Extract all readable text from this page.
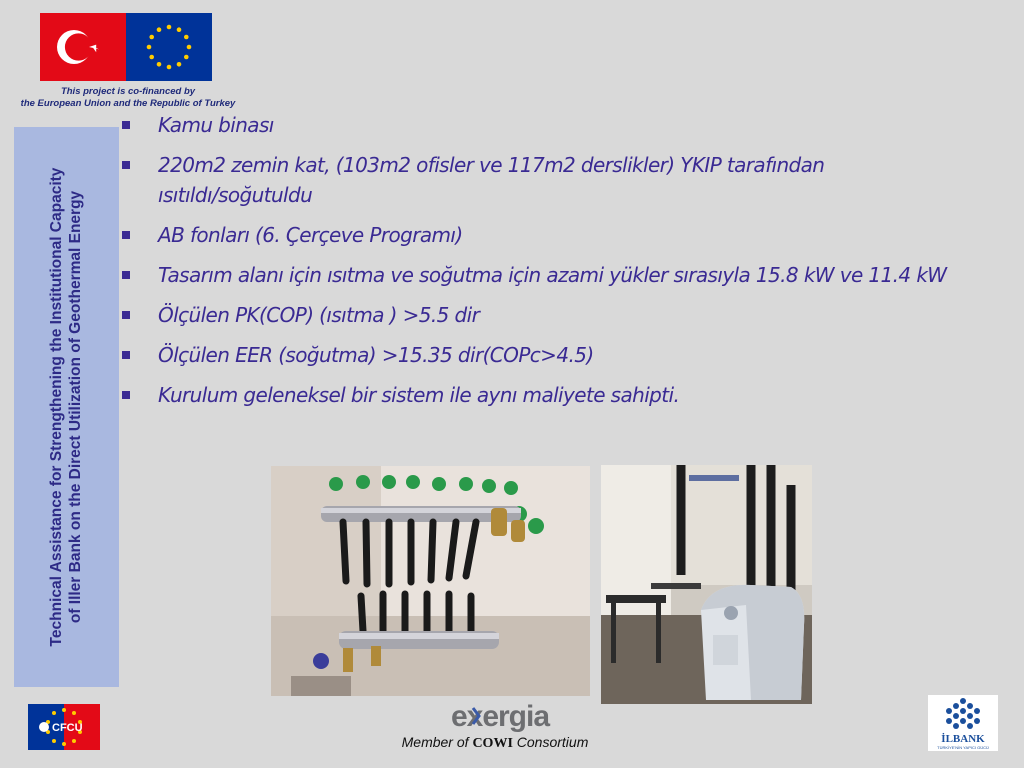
This project is co-financed by
the European Union and the Republic of Turkey
Technical Assistance for Strengthening the Institutional Capacity of Iller Bank on the Direct Utilization of Geothermal Energy
Kamu binası
220m2 zemin kat, (103m2 ofisler ve 117m2 derslikler) YKIP tarafından ısıtıldı/soğutuldu
AB fonları (6. Çerçeve Programı)
Tasarım alanı için ısıtma ve soğutma için azami yükler sırasıyla 15.8 kW ve 11.4 kW
Ölçülen PK(COP) (ısıtma ) >5.5 dir
Ölçülen EER (soğutma) >15.35 dir(COPc>4.5)
Kurulum geleneksel bir sistem ile aynı maliyete sahipti.
CFCU	exergia
Member of COWI Consortium	İLBANK
TÜRKİYE'NİN YAPICI GÜCÜ
